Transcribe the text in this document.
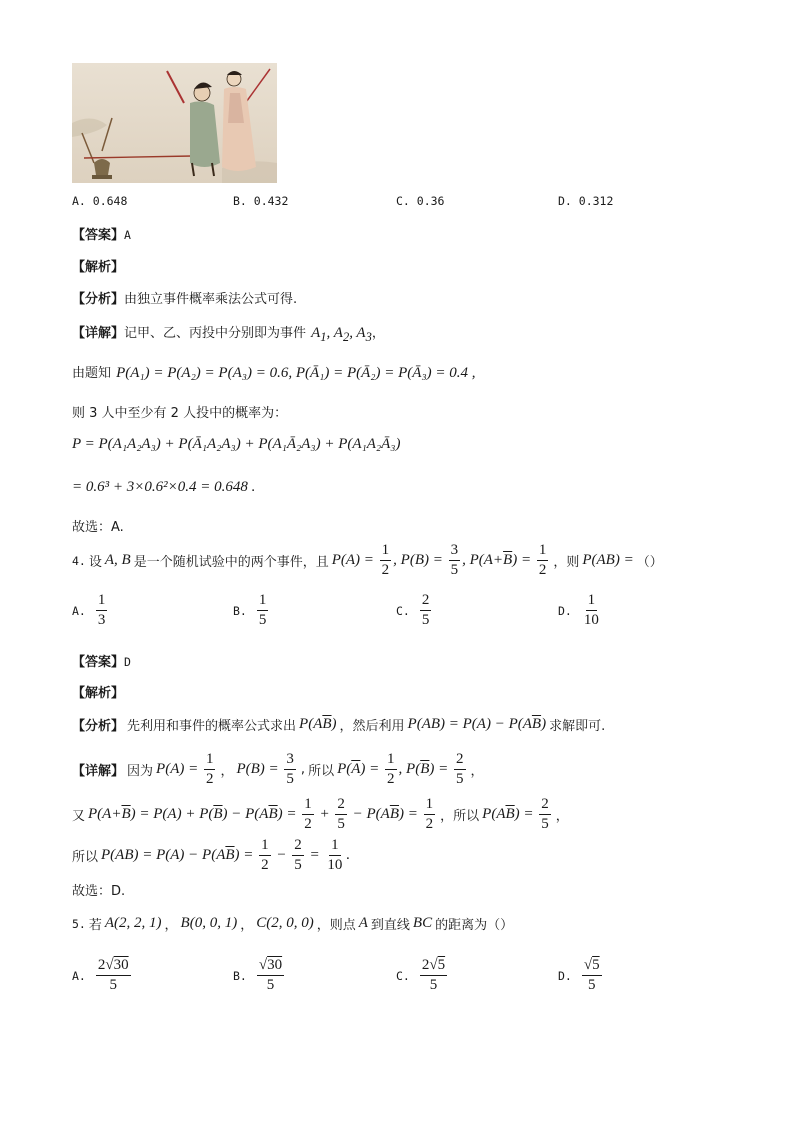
A. 0.648	B. 0.432	C. 0.36	D. 0.312
【答案】A
【解析】
【分析】由独立事件概率乘法公式可得.
【详解】记甲、乙、丙投中分别即为事件 $A_1$, $A_2$, $A_3$，
由题知 P(A₁) = P(A₂) = P(A₃) = 0.6, P(Ā₁) = P(Ā₂) = P(Ā₃) = 0.4 ,
则 3 人中至少有 2 人投中的概率为：
P = P(A₁A₂A₃) + P(Ā₁A₂A₃) + P(A₁Ā₂A₃) + P(A₁A₂Ā₃)
= 0.6³ + 3×0.6²×0.4 = 0.648 .
故选：A.
4. 设 A, B 是一个随机试验中的两个事件，且 $P(A) = \frac{1}{2}$ , $P(B) = \frac{3}{5}$ , $P(A+\overline{B}) = \frac{1}{2}$ ，则 P(AB) = （）
A. $\frac{1}{3}$	B. $\frac{1}{5}$	C. $\frac{2}{5}$	D. $\frac{1}{10}$
【答案】D
【解析】
【分析】 先利用和事件的概率公式求出 $P(A\overline{B})$ ，然后利用 $P(AB) = P(A) - P(A\overline{B})$ 求解即可.
【详解】 因为 $P(A) = \frac{1}{2}$ ， $P(B) = \frac{3}{5}$ , 所以 $P(\overline{A}) = \frac{1}{2}$ , $P(\overline{B}) = \frac{2}{5}$ ，
又 $P(A+\overline{B}) = P(A) + P(\overline{B}) - P(A\overline{B}) = \frac{1}{2} + \frac{2}{5} - P(A\overline{B}) = \frac{1}{2}$ ，所以 $P(A\overline{B}) = \frac{2}{5}$ ，
所以 $P(AB) = P(A) - P(A\overline{B}) = \frac{1}{2} - \frac{2}{5} = \frac{1}{10}$ .
故选：D.
5. 若 A(2, 2, 1) ， B(0, 0, 1) ， C(2, 0, 0) ，则点 A 到直线 BC 的距离为（）
A. $\frac{2√30}{5}$	B. $\frac{√30}{5}$	C. $\frac{2√5}{5}$	D. $\frac{√5}{5}$
